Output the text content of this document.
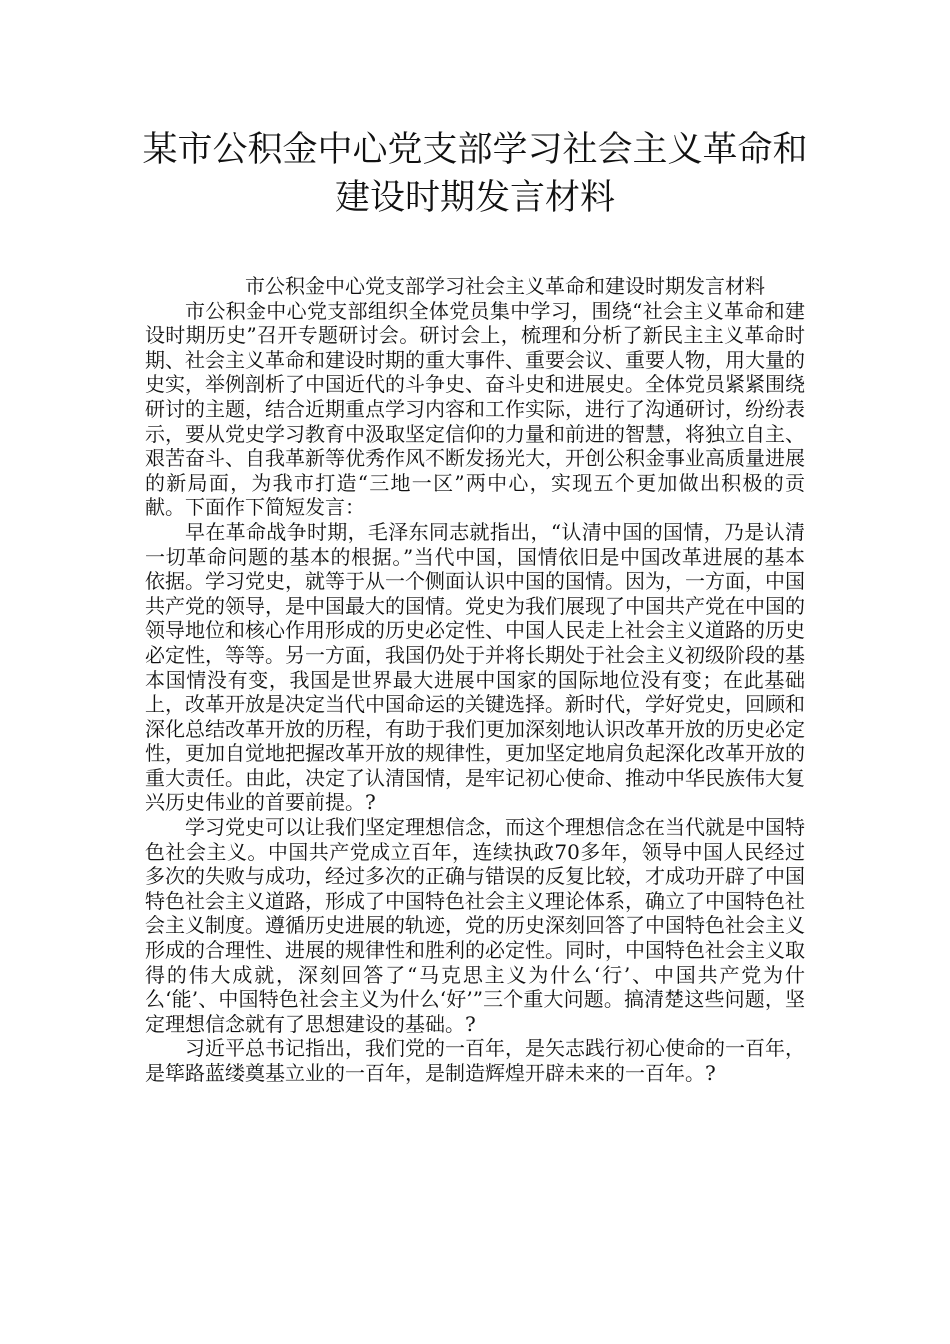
某市公积金中心党支部学习社会主义革命和建设时期发言材料

市公积金中心党支部学习社会主义革命和建设时期发言材料

市公积金中心党支部组织全体党员集中学习，围绕“社会主义革命和建设时期历史”召开专题研讨会。研讨会上，梳理和分析了新民主主义革命时期、社会主义革命和建设时期的重大事件、重要会议、重要人物，用大量的史实，举例剖析了中国近代的斗争史、奋斗史和进展史。全体党员紧紧围绕研讨的主题，结合近期重点学习内容和工作实际，进行了沟通研讨，纷纷表示，要从党史学习教育中汲取坚定信仰的力量和前进的智慧，将独立自主、艰苦奋斗、自我革新等优秀作风不断发扬光大，开创公积金事业高质量进展的新局面，为我市打造“三地一区”两中心，实现五个更加做出积极的贡献。下面作下简短发言：

早在革命战争时期，毛泽东同志就指出，“认清中国的国情，乃是认清一切革命问题的基本的根据。”当代中国，国情依旧是中国改革进展的基本依据。学习党史，就等于从一个侧面认识中国的国情。因为，一方面，中国共产党的领导，是中国最大的国情。党史为我们展现了中国共产党在中国的领导地位和核心作用形成的历史必定性、中国人民走上社会主义道路的历史必定性，等等。另一方面，我国仍处于并将长期处于社会主义初级阶段的基本国情没有变，我国是世界最大进展中国家的国际地位没有变；在此基础上，改革开放是决定当代中国命运的关键选择。新时代，学好党史，回顾和深化总结改革开放的历程，有助于我们更加深刻地认识改革开放的历史必定性，更加自觉地把握改革开放的规律性，更加坚定地肩负起深化改革开放的重大责任。由此，决定了认清国情，是牢记初心使命、推动中华民族伟大复兴历史伟业的首要前提。?

学习党史可以让我们坚定理想信念，而这个理想信念在当代就是中国特色社会主义。中国共产党成立百年，连续执政70多年，领导中国人民经过多次的失败与成功，经过多次的正确与错误的反复比较，才成功开辟了中国特色社会主义道路，形成了中国特色社会主义理论体系，确立了中国特色社会主义制度。遵循历史进展的轨迹，党的历史深刻回答了中国特色社会主义形成的合理性、进展的规律性和胜利的必定性。同时，中国特色社会主义取得的伟大成就，深刻回答了“马克思主义为什么‘行’、中国共产党为什么‘能’、中国特色社会主义为什么‘好’”三个重大问题。搞清楚这些问题，坚定理想信念就有了思想建设的基础。?

习近平总书记指出，我们党的一百年，是矢志践行初心使命的一百年，是筚路蓝缕奠基立业的一百年，是制造辉煌开辟未来的一百年。?
